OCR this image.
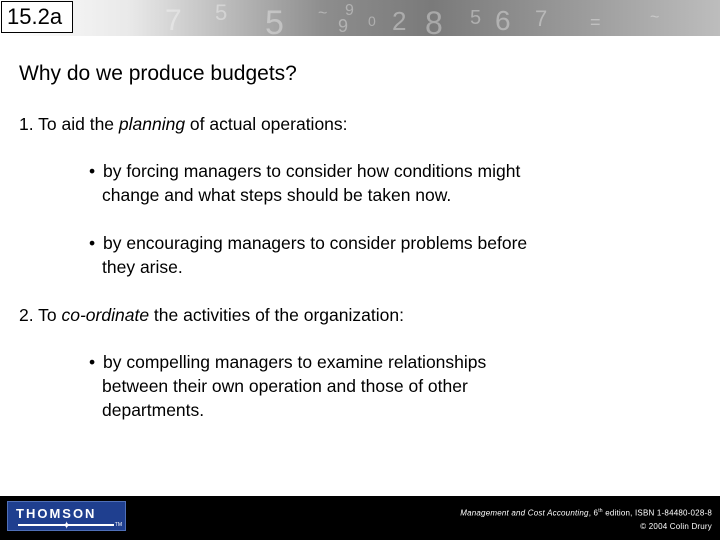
7 5 5 ~ 9
9 0 2 8 5 6 7 =	~
15.2a
Why do we produce budgets?
1. To aid the planning of actual operations:
• by forcing managers to consider how conditions might
change and what steps should be taken now.
• by encouraging managers to consider problems before
they arise.
2. To co-ordinate the activities of the organization:
• by compelling managers to examine relationships
between their own operation and those of other
departments.
THOMSON
✦	TM
Management and Cost Accounting, 6th edition, ISBN 1-84480-028-8
© 2004 Colin Drury
